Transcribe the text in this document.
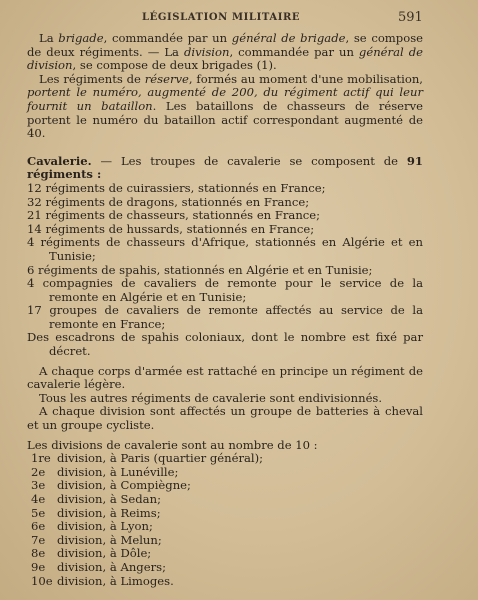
LÉGISLATION MILITAIRE	591

La brigade, commandée par un général de brigade, se compose de deux régiments. — La division, commandée par un général de division, se compose de deux brigades (1).

Les régiments de réserve, formés au moment d'une mobilisation, portent le numéro, augmenté de 200, du régiment actif qui leur fournit un bataillon. Les bataillons de chasseurs de réserve portent le numéro du bataillon actif correspondant augmenté de 40.

Cavalerie. — Les troupes de cavalerie se composent de 91 régiments :

12 régiments de cuirassiers, stationnés en France;

32 régiments de dragons, stationnés en France;

21 régiments de chasseurs, stationnés en France;

14 régiments de hussards, stationnés en France;

4 régiments de chasseurs d'Afrique, stationnés en Algérie et en Tunisie;

6 régiments de spahis, stationnés en Algérie et en Tunisie;

4 compagnies de cavaliers de remonte pour le service de la remonte en Algérie et en Tunisie;

17 groupes de cavaliers de remonte affectés au service de la remonte en France;

Des escadrons de spahis coloniaux, dont le nombre est fixé par décret.

A chaque corps d'armée est rattaché en principe un régiment de cavalerie légère.

Tous les autres régiments de cavalerie sont endivisionnés.

A chaque division sont affectés un groupe de batteries à cheval et un groupe cycliste.

Les divisions de cavalerie sont au nombre de 10 :

1re division, à Paris (quartier général);

2e division, à Lunéville;

3e division, à Compiègne;

4e division, à Sedan;

5e division, à Reims;

6e division, à Lyon;

7e division, à Melun;

8e division, à Dôle;

9e division, à Angers;

10e division, à Limoges.
